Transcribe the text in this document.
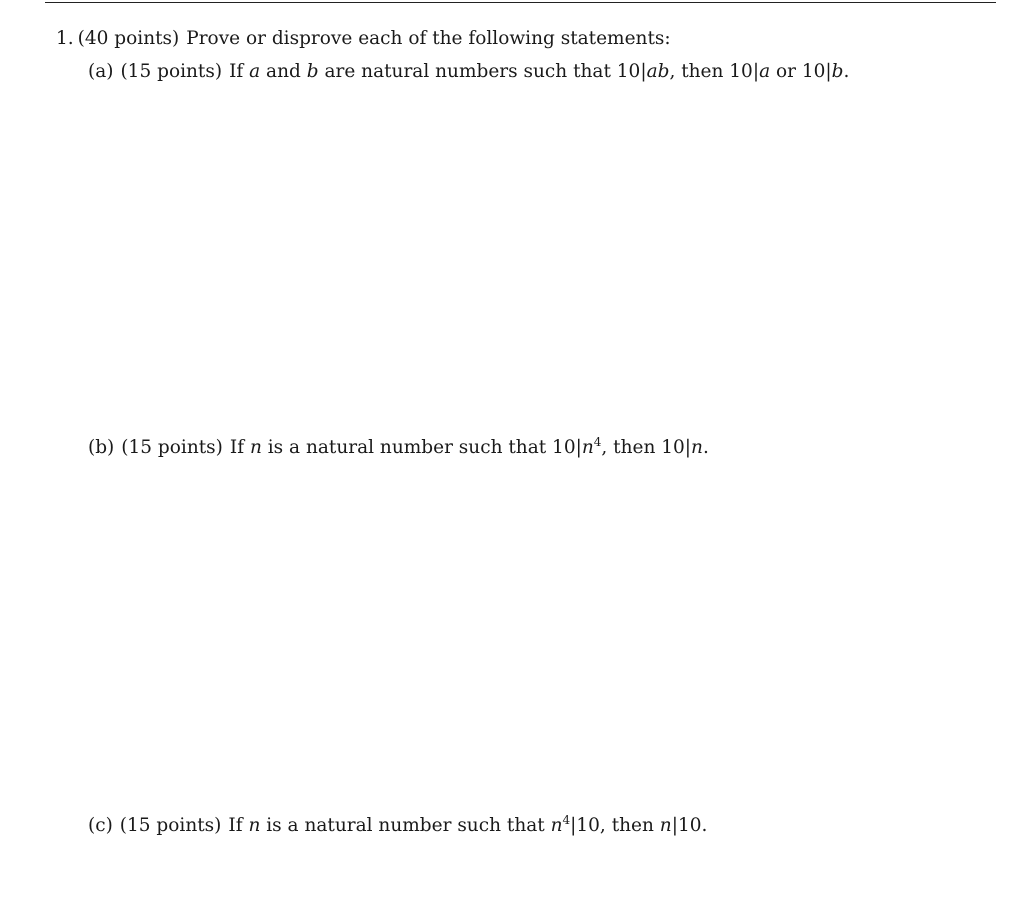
1. (40 points) Prove or disprove each of the following statements:
(a) (15 points) If a and b are natural numbers such that 10|ab, then 10|a or 10|b.
(b) (15 points) If n is a natural number such that $10|n^4$, then 10|n.
(c) (15 points) If n is a natural number such that $n^4|10$, then n|10.
